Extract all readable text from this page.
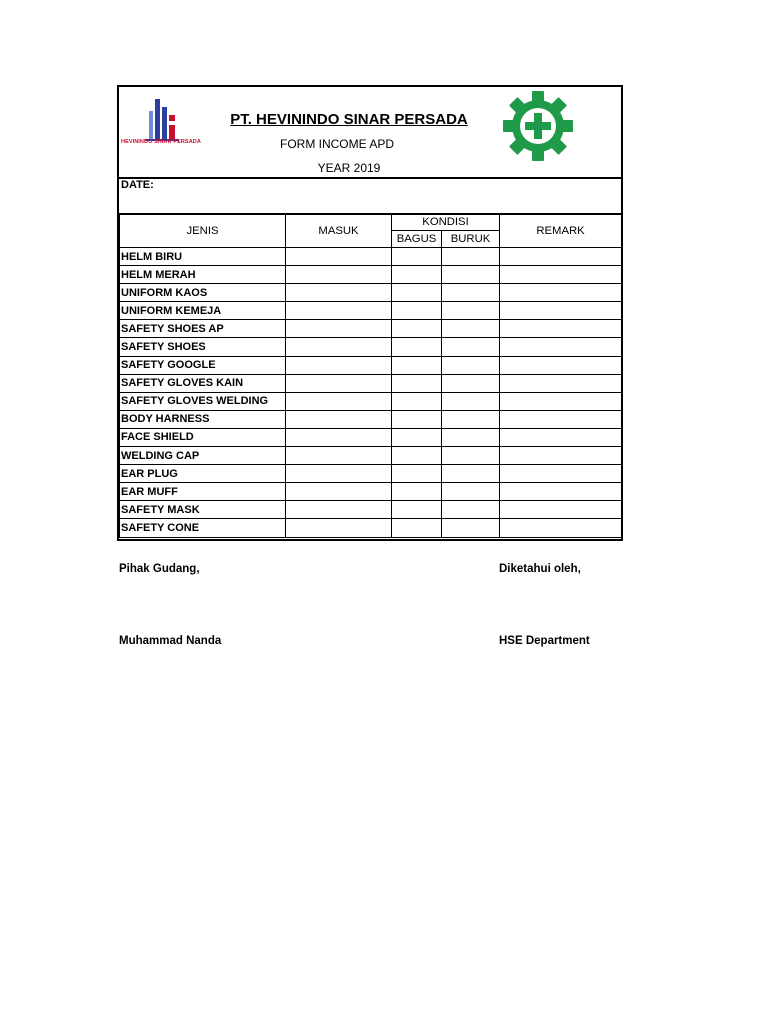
HEVININDO SINAR PERSADA
PT. HEVININDO SINAR PERSADA
FORM INCOME APD
YEAR 2019
DATE:
JENIS	MASUK	KONDISI		REMARK
		BAGUS	BURUK	
HELM BIRU				
HELM MERAH				
UNIFORM KAOS				
UNIFORM KEMEJA				
SAFETY SHOES AP				
SAFETY SHOES				
SAFETY GOOGLE				
SAFETY GLOVES KAIN				
SAFETY GLOVES WELDING				
BODY HARNESS				
FACE SHIELD				
WELDING CAP				
EAR PLUG				
EAR MUFF				
SAFETY MASK				
SAFETY CONE				
Pihak Gudang,
Muhammad Nanda
Diketahui oleh,
HSE Department
